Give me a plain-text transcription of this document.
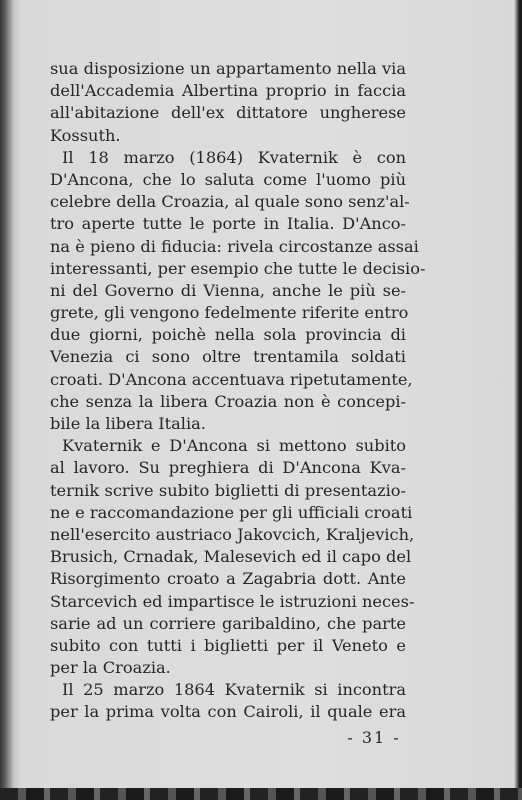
sua disposizione un appartamento nella via
dell'Accademia Albertina proprio in faccia
all'abitazione dell'ex dittatore ungherese
Kossuth.
Il 18 marzo (1864) Kvaternik è con
D'Ancona, che lo saluta come l'uomo più
celebre della Croazia, al quale sono senz'al-
tro aperte tutte le porte in Italia. D'Anco-
na è pieno di fiducia: rivela circostanze assai
interessanti, per esempio che tutte le decisio-
ni del Governo di Vienna, anche le più se-
grete, gli vengono fedelmente riferite entro
due giorni, poichè nella sola provincia di
Venezia ci sono oltre trentamila soldati
croati. D'Ancona accentuava ripetutamente,
che senza la libera Croazia non è concepi-
bile la libera Italia.
Kvaternik e D'Ancona si mettono subito
al lavoro. Su preghiera di D'Ancona Kva-
ternik scrive subito biglietti di presentazio-
ne e raccomandazione per gli ufficiali croati
nell'esercito austriaco Jakovcich, Kraljevich,
Brusich, Crnadak, Malesevich ed il capo del
Risorgimento croato a Zagabria dott. Ante
Starcevich ed impartisce le istruzioni neces-
sarie ad un corriere garibaldino, che parte
subito con tutti i biglietti per il Veneto e
per la Croazia.
Il 25 marzo 1864 Kvaternik si incontra
per la prima volta con Cairoli, il quale era
- 31 -
